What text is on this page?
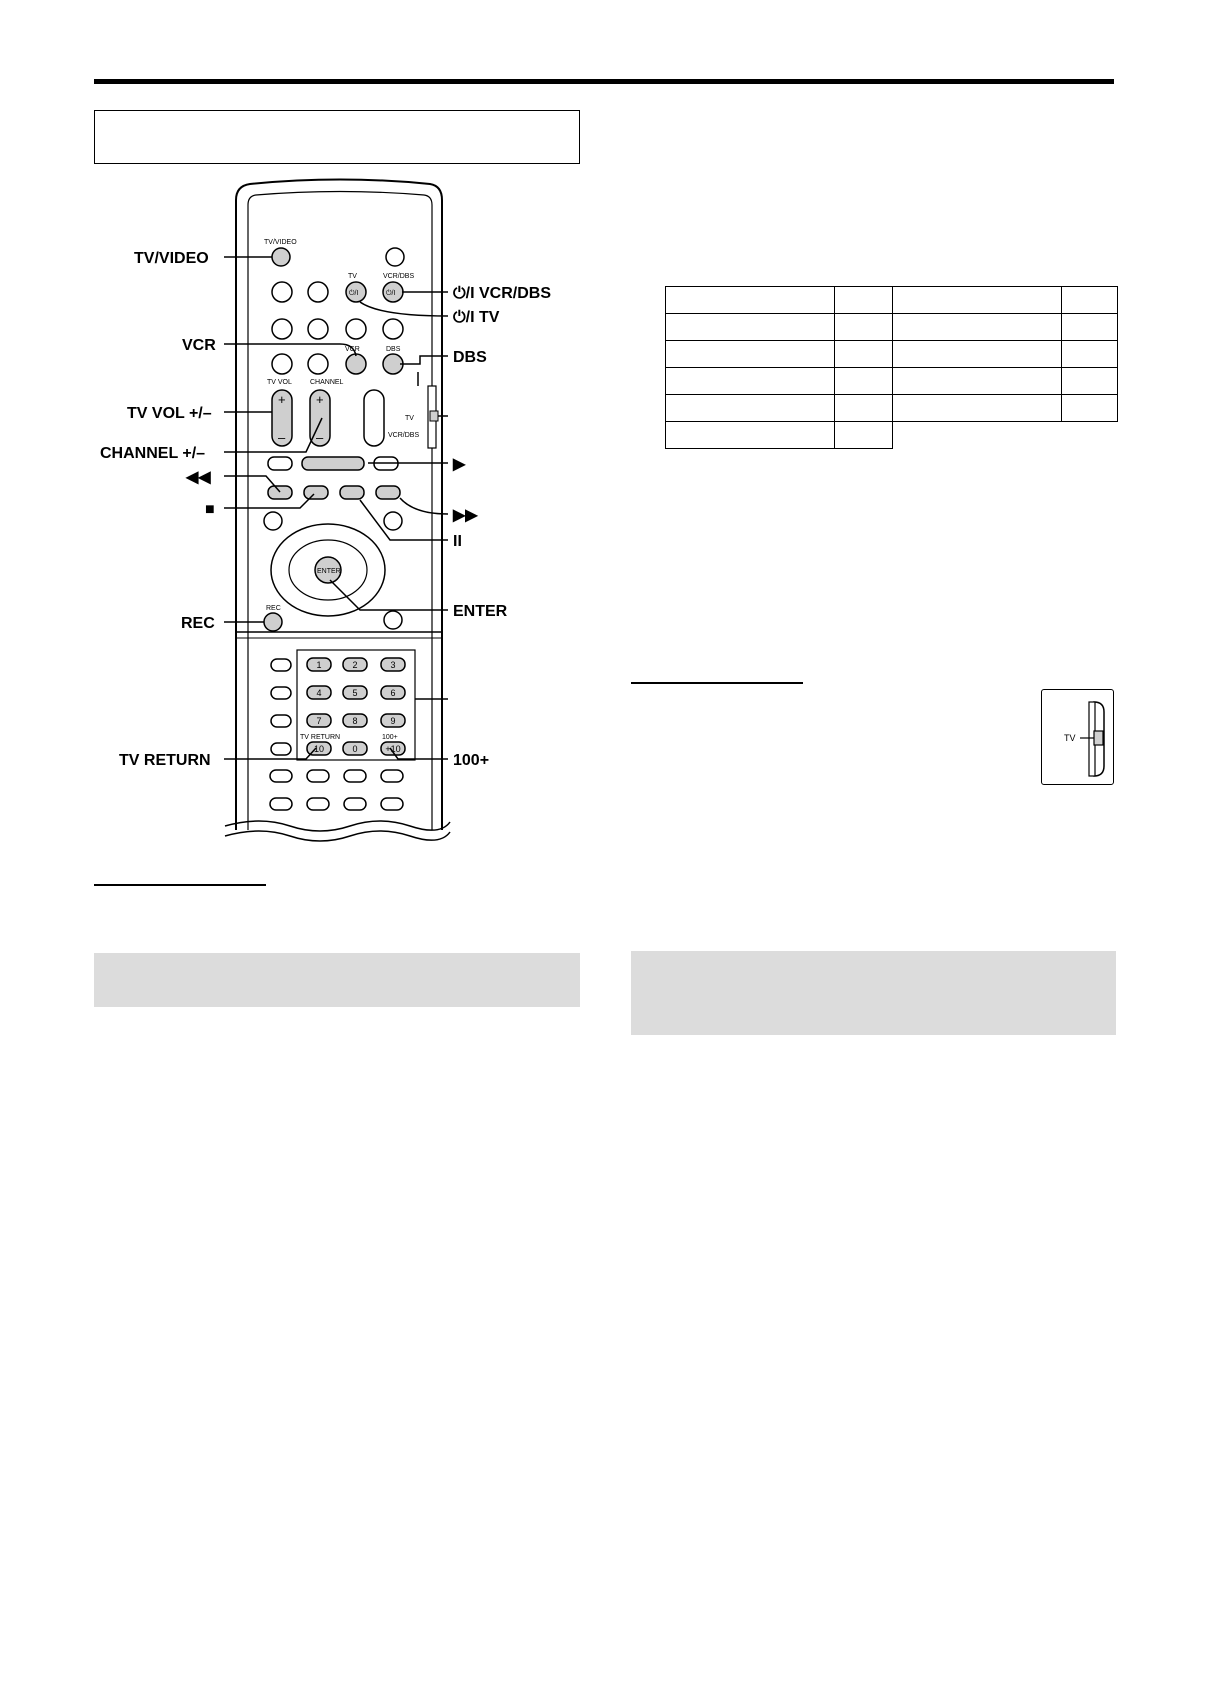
TV
TV/VIDEO
TV	VCR/DBS
VCR	DBS
TV VOL	CHANNEL
⏻/I	⏻/I
+
–
+
–
TV
VCR/DBS
ENTER
REC
1	2	3
4	5	6
7	8	9
10	0	+10
TV RETURN	100+
TV/VIDEO
VCR
TV VOL +/–
CHANNEL +/–
◀◀
■
REC
TV RETURN
⏻/I VCR/DBS
⏻/I TV
DBS
▶
▶▶
II
ENTER
100+
